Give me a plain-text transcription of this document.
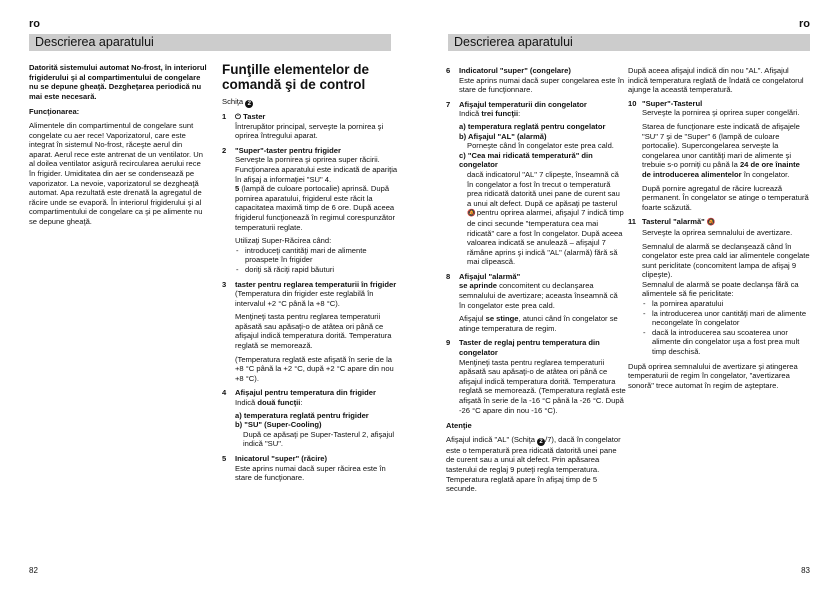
ro
Descrierea aparatului

Datorită sistemului automat No-frost, în interiorul frigiderului şi al compartimentului de congelare nu se depune gheaţă. Dezgheţarea periodică nu mai este necesară.

Funcţionarea:

Alimentele din compartimentul de congelare sunt congelate cu aer rece! Vaporizatorul, care este integrat în sistemul No-frost, răceşte aerul din aparat. Aerul rece este antrenat de un ventilator. Un al doilea ventilator asigură recircularea aerului rece în frigider. Umiditatea din aer se condensează pe vaporizator. La nevoie, vaporizatorul se dezgheaţă automat. Apa rezultată este drenată la agregatul de răcire unde se evaporă. În interiorul frigiderului şi al compartimentului de congelare ca şi pe alimente nu se depune gheaţă.

Funţille elementelor de comandă şi de control

Schiţa 2

1 ⏻ Taster
Întrerupător principal, serveşte la pornirea şi oprirea întregului aparat.
2 "Super"-taster pentru frigider
Serveşte la pornirea şi oprirea super răcirii. Funcţionarea aparatului este indicată de apariţia în afişaj a informaţiei "SU" 4.
5 (lampă de culoare portocalie) aprinsă. După pornirea aparatului, frigiderul este răcit la capacitatea maximă timp de 6 ore. După aceea frigiderul funcţionează în regimul corespunzător temperaturii reglate.
Utilizaţi Super-Răcirea când:
- introduceţi cantităţi mari de alimente proaspete în frigider
- doriţi să răciţi rapid băuturi
3 taster pentru reglarea temperaturii în frigider
(Temperatura din frigider este reglabilă în intervalul +2 °C până la +8 °C).
Menţineţi tasta pentru reglarea temperaturii apăsată sau apăsaţi-o de atâtea ori până ce afişajul indică temperatura dorită. Temperatura reglată se memorează.
(Temperatura reglată este afişată în serie de la +8 °C până la +2 °C, după +2 °C apare din nou +8 °C).
4 Afişajul pentru temperatura din frigider
Indică două funcţii:
a) temperatura reglată pentru frigider
b) "SU" (Super-Cooling)
După ce apăsaţi pe Super-Tasterul 2, afişajul indică "SU".
5 Inicatorul "super" (răcire)
Este aprins numai dacă super răcirea este în stare de funcţionare.
82
ro
Descrierea aparatului
6 Indicatorul "super" (congelare)
Este aprins numai dacă super congelarea este în stare de funcţionnare.
7 Afişajul temperaturii din congelator
Indică trei funcţii:
a) temperatura reglată pentru congelator
b) Afişajul "AL" (alarmă)
Porneşte când în congelator este prea cald.
c) "Cea mai ridicată temperatură" din congelator
dacă indicatorul "AL" 7 clipeşte, înseamnă că în congelator a fost în trecut o temperatură prea ridicată datorită unei pane de curent sau a unui alt defect. După ce apăsaţi pe tasterul 🔕 pentru oprirea alarmei, afişajul 7 indică timp de cinci secunde "temperatura cea mai ridicată" care a fost în congelator. După aceea valoarea indicată se anulează – afişajul 7 rămâne aprins şi indică "AL" (alarmă) fără să mai clipească.
8 Afişajul "alarmă"
se aprinde concomitent cu declanşarea semnalului de avertizare; aceasta înseamnă că în congelator este prea cald.
Afişajul se stinge, atunci când în congelator se atinge temperatura de regim.
9 Taster de reglaj pentru temperatura din congelator
Menţineţi tasta pentru reglarea temperaturii apăsată sau apăsaţi-o de atâtea ori până ce afişajul indică temperatura dorită. Temperatura reglată se memorează. (Temperatura reglată este afişată în serie de la -16 °C până la -26 °C. După -26 °C apare din nou -16 °C).

Atenţie

Afişajul indică "AL" (Schiţa 2 /7), dacă în congelator este o temperatură prea ridicată datorită unei pane de curent sau a unui alt defect. Prin apăsarea tasterului de reglaj 9 puteţi regla temperatura. Temperatura reglată apare în afişaj timp de 5 secunde.

După aceea afişajul indică din nou "AL". Afişajul indică temperatura reglată de îndată ce congelatorul ajunge la această temperatură.

10 "Super"-Tasterul
Serveşte la pornirea şi oprirea super congelări.
Starea de funcţionare este indicată de afişajele "SU" 7 şi de "Super" 6 (lampă de culoare portocalie). Supercongelarea serveşte la congelarea unor cantităţi mari de alimente şi trebuie s-o porniţi cu până la 24 de ore înainte de introducerea alimentelor în congelator.
După pornire agregatul de răcire lucrează permanent. În congelator se atinge o temperatură foarte scăzută.
11 Tasterul "alarmă" 🔕
Serveşte la oprirea semnalului de avertizare.
Semnalul de alarmă se declanşează când în congelator este prea cald iar alimentele congelate sunt periclitate (concomitent lampa de afişaj 9 clipeşte).
Semnalul de alarmă se poate declanşa fără ca alimentele să fie periclitate:
- la pornirea aparatului
- la introducerea unor cantităţi mari de alimente necongelate în congelator
- dacă la introducerea sau scoaterea unor alimente din congelator uşa a fost prea mult timp deschisă.

După oprirea semnalului de avertizare şi atingerea temperaturii de regim în congelator, "avertizarea sonoră" trece automat în regim de aşteptare.

83
